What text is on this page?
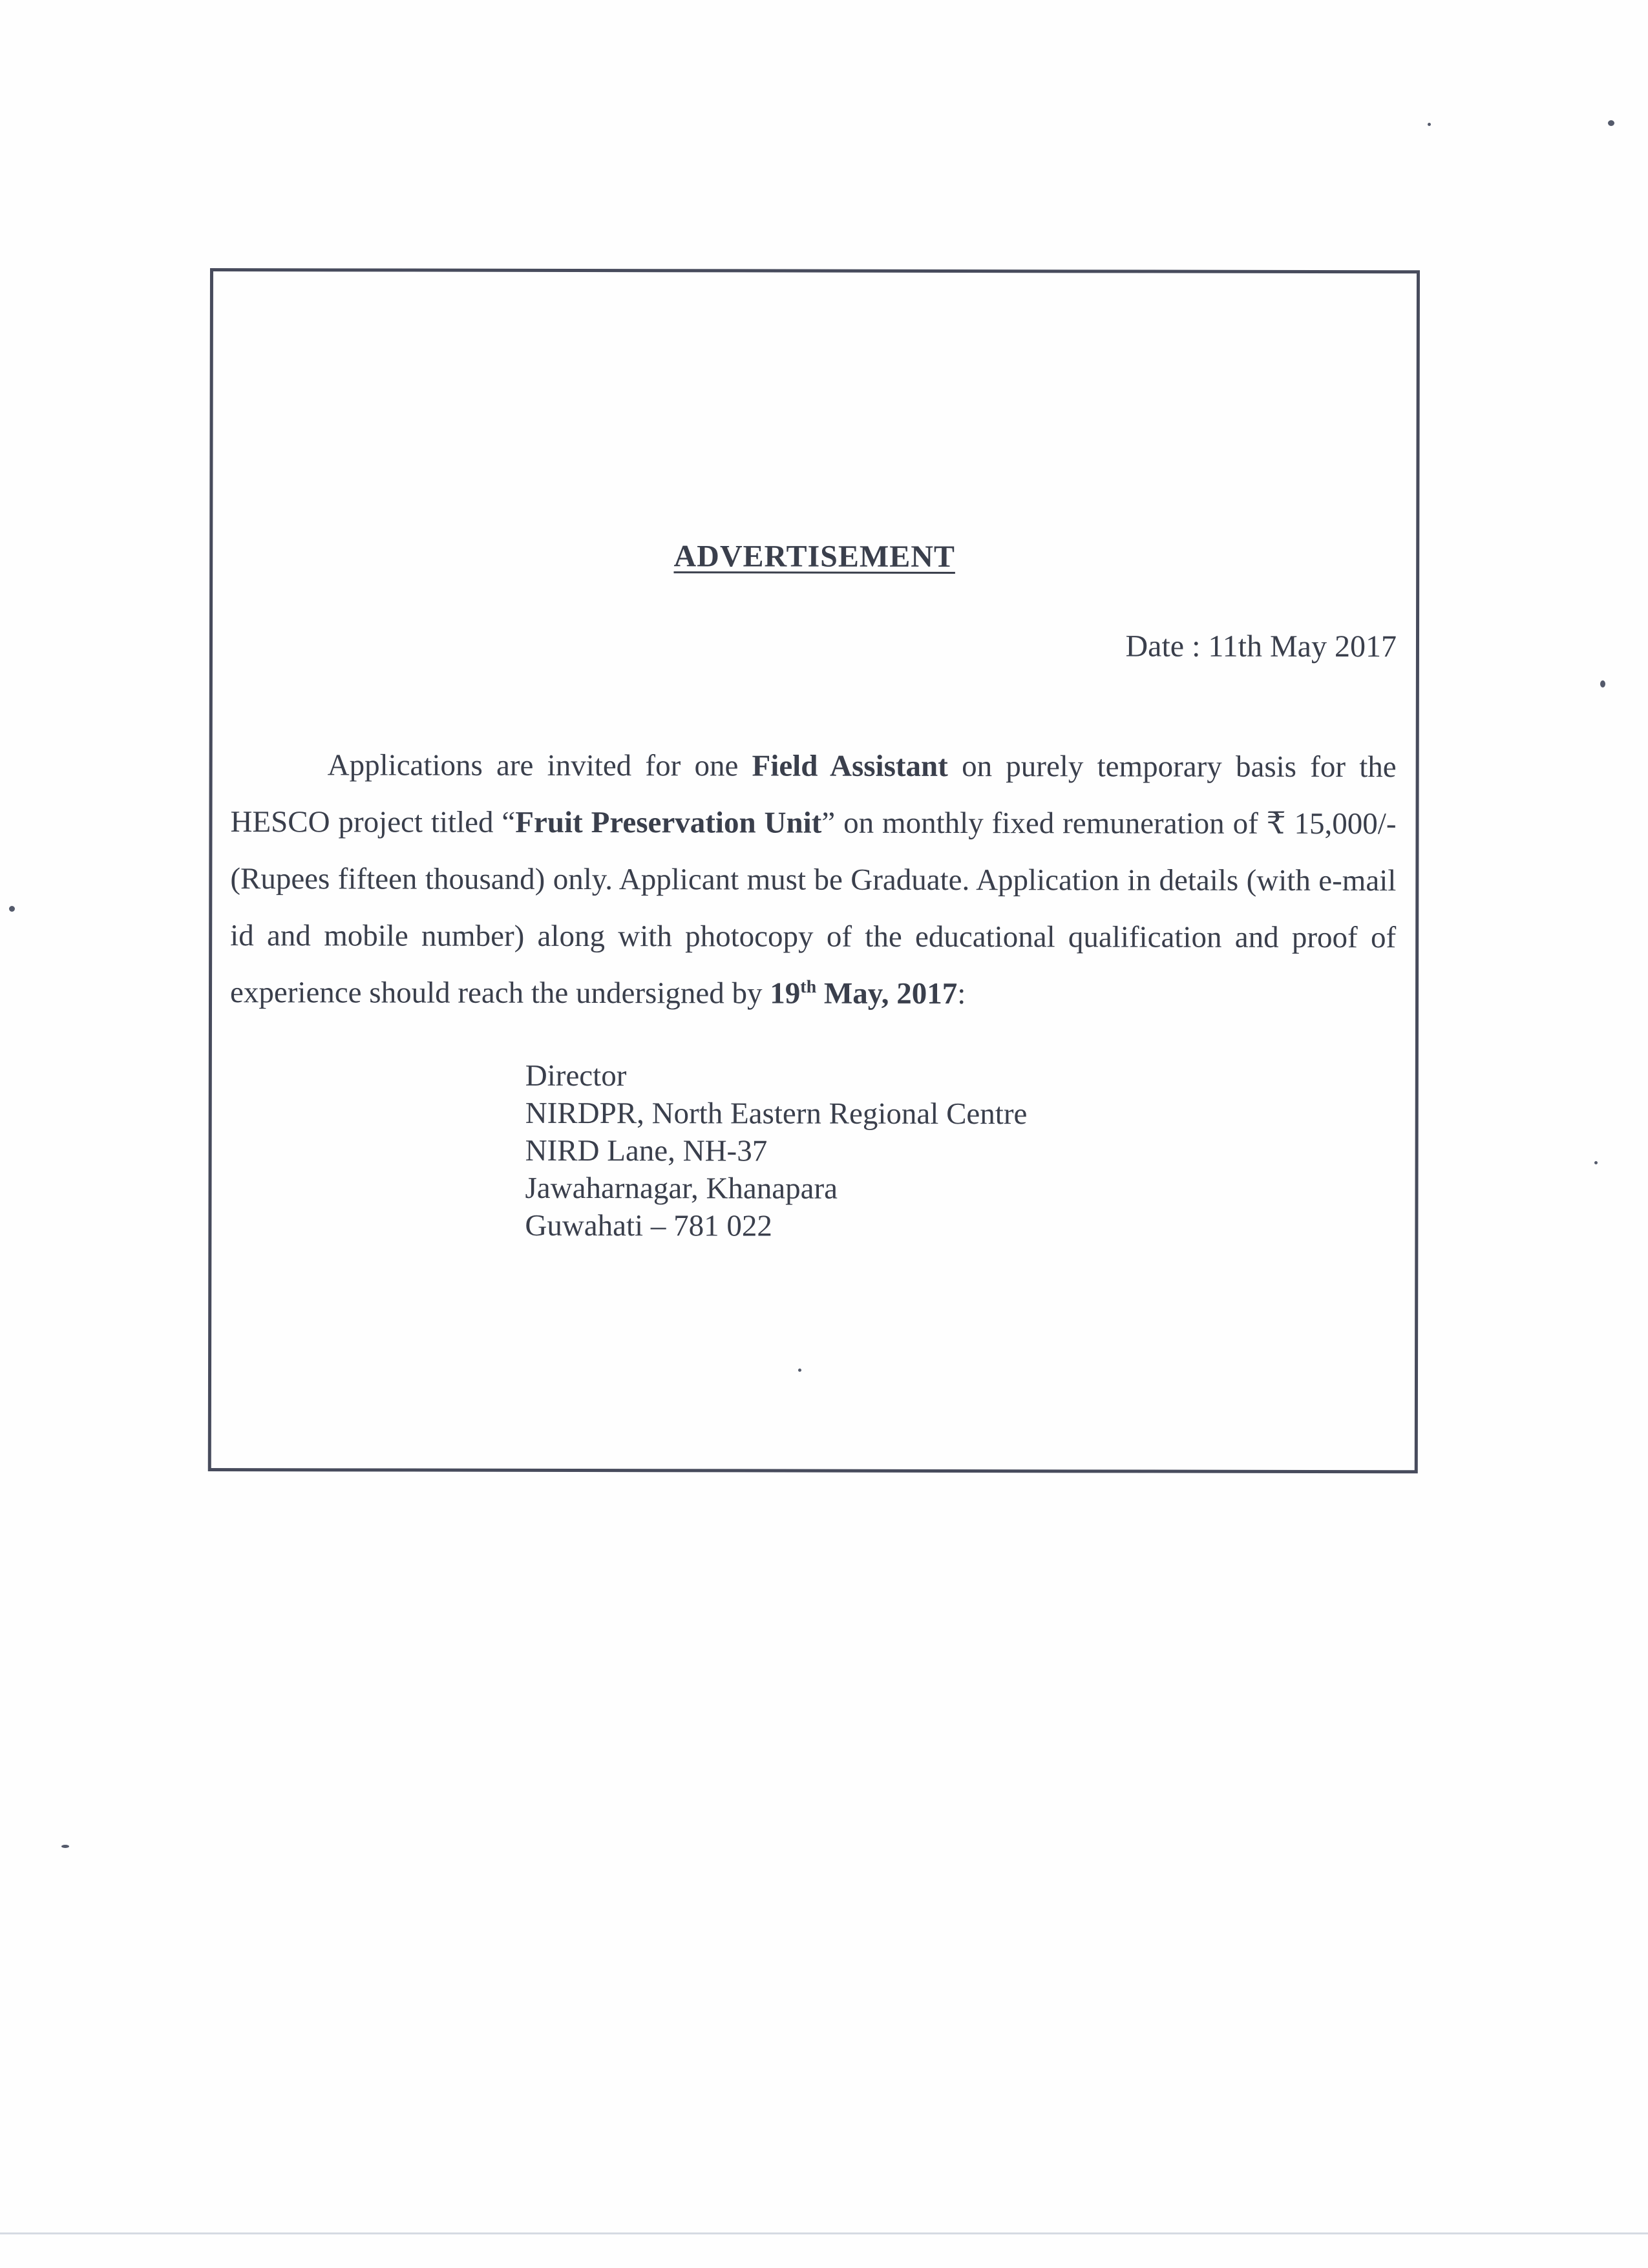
ADVERTISEMENT
Date : 11th May 2017
Applications are invited for one Field Assistant on purely temporary basis for the HESCO project titled “Fruit Preservation Unit” on monthly fixed remuneration of ₹ 15,000/- (Rupees fifteen thousand) only. Applicant must be Graduate. Application in details (with e-mail id and mobile number) along with photocopy of the educational qualification and proof of experience should reach the undersigned by 19th May, 2017:
Director
NIRDPR, North Eastern Regional Centre
NIRD Lane, NH-37
Jawaharnagar, Khanapara
Guwahati – 781 022
